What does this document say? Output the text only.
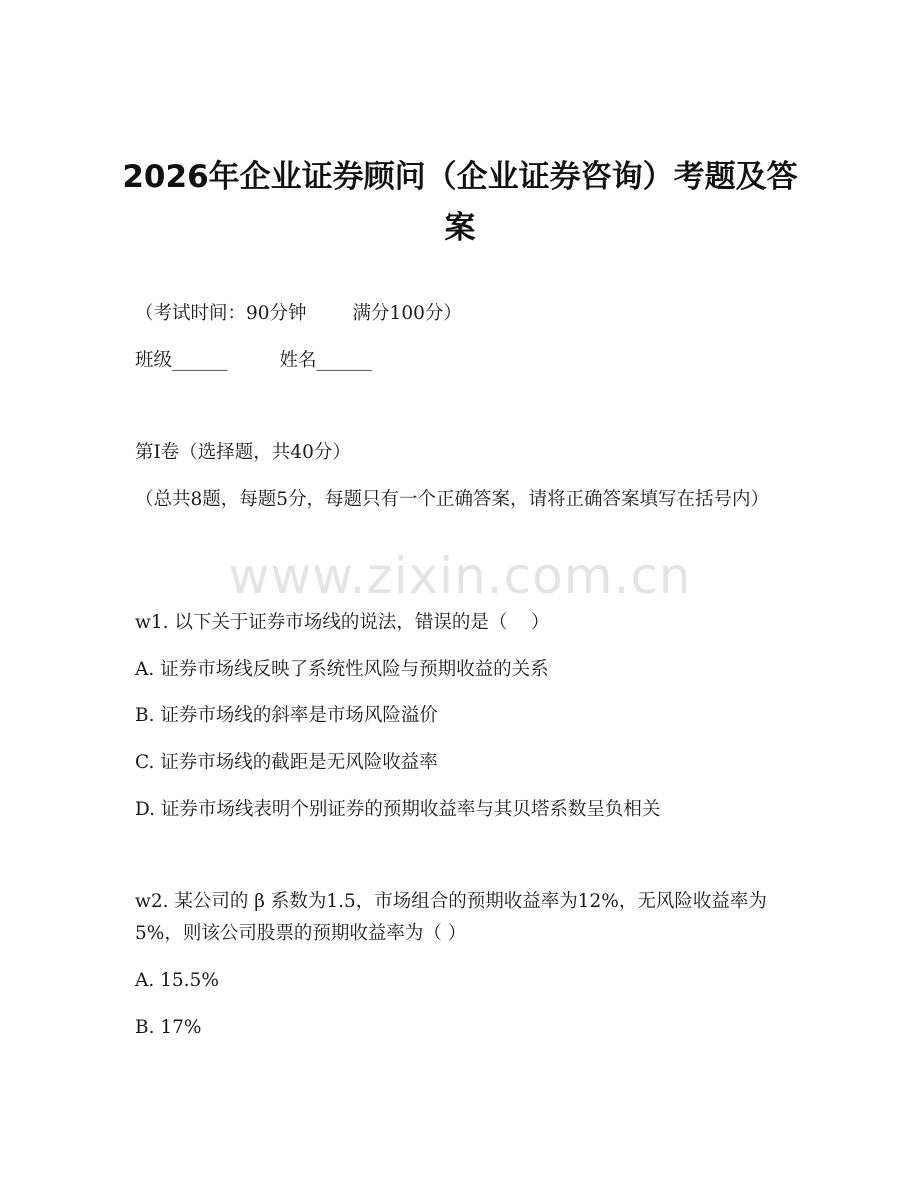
www.zixin.com.cn
2026年企业证券顾问（企业证券咨询）考题及答案
（考试时间：90分钟 满分100分）
班级______	姓名______
第I卷（选择题，共40分）
（总共8题，每题5分，每题只有一个正确答案，请将正确答案填写在括号内）
w1. 以下关于证券市场线的说法，错误的是（    ）
A. 证券市场线反映了系统性风险与预期收益的关系
B. 证券市场线的斜率是市场风险溢价
C. 证券市场线的截距是无风险收益率
D. 证券市场线表明个别证券的预期收益率与其贝塔系数呈负相关
w2. 某公司的 β 系数为1.5，市场组合的预期收益率为12%，无风险收益率为5%，则该公司股票的预期收益率为（ ）
A. 15.5%
B. 17%
